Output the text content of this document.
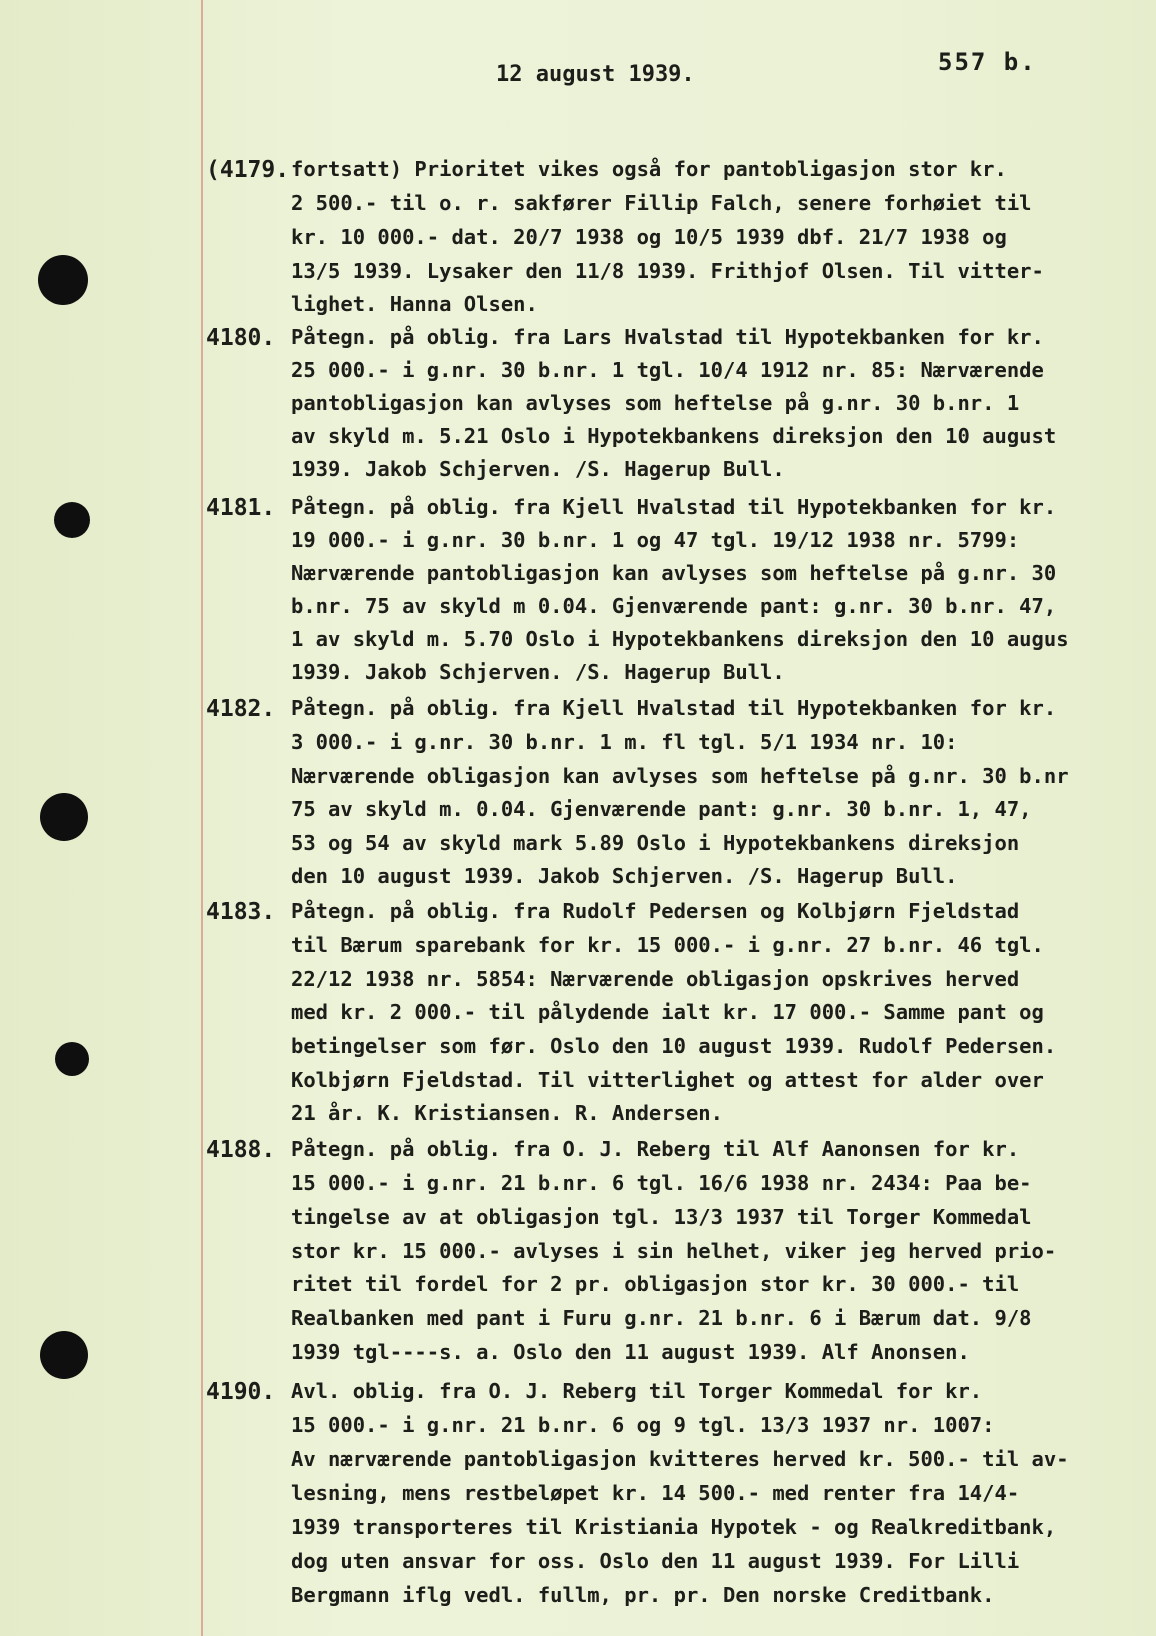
12 august 1939.	557 b.
(4179. fortsatt) Prioritet vikes også for pantobligasjon stor kr.
2 500.- til o. r. sakfører Fillip Falch, senere forhøiet til
kr. 10 000.- dat. 20/7 1938 og 10/5 1939 dbf. 21/7 1938 og
13/5 1939. Lysaker den 11/8 1939. Frithjof Olsen. Til vitter-
lighet. Hanna Olsen.
4180. Påtegn. på oblig. fra Lars Hvalstad til Hypotekbanken for kr.
25 000.- i g.nr. 30 b.nr. 1 tgl. 10/4 1912 nr. 85: Nærværende
pantobligasjon kan avlyses som heftelse på g.nr. 30 b.nr. 1
av skyld m. 5.21 Oslo i Hypotekbankens direksjon den 10 august
1939. Jakob Schjerven. /S. Hagerup Bull.
4181. Påtegn. på oblig. fra Kjell Hvalstad til Hypotekbanken for kr.
19 000.- i g.nr. 30 b.nr. 1 og 47 tgl. 19/12 1938 nr. 5799:
Nærværende pantobligasjon kan avlyses som heftelse på g.nr. 30
b.nr. 75 av skyld m 0.04. Gjenværende pant: g.nr. 30 b.nr. 47,
1 av skyld m. 5.70 Oslo i Hypotekbankens direksjon den 10 augus
1939. Jakob Schjerven. /S. Hagerup Bull.
4182. Påtegn. på oblig. fra Kjell Hvalstad til Hypotekbanken for kr.
3 000.- i g.nr. 30 b.nr. 1 m. fl tgl. 5/1 1934 nr. 10:
Nærværende obligasjon kan avlyses som heftelse på g.nr. 30 b.nr
75 av skyld m. 0.04. Gjenværende pant: g.nr. 30 b.nr. 1, 47,
53 og 54 av skyld mark 5.89 Oslo i Hypotekbankens direksjon
den 10 august 1939. Jakob Schjerven. /S. Hagerup Bull.
4183. Påtegn. på oblig. fra Rudolf Pedersen og Kolbjørn Fjeldstad
til Bærum sparebank for kr. 15 000.- i g.nr. 27 b.nr. 46 tgl.
22/12 1938 nr. 5854: Nærværende obligasjon opskrives herved
med kr. 2 000.- til pålydende ialt kr. 17 000.- Samme pant og
betingelser som før. Oslo den 10 august 1939. Rudolf Pedersen.
Kolbjørn Fjeldstad. Til vitterlighet og attest for alder over
21 år. K. Kristiansen. R. Andersen.
4188. Påtegn. på oblig. fra O. J. Reberg til Alf Aanonsen for kr.
15 000.- i g.nr. 21 b.nr. 6 tgl. 16/6 1938 nr. 2434: Paa be-
tingelse av at obligasjon tgl. 13/3 1937 til Torger Kommedal
stor kr. 15 000.- avlyses i sin helhet, viker jeg herved prio-
ritet til fordel for 2 pr. obligasjon stor kr. 30 000.- til
Realbanken med pant i Furu g.nr. 21 b.nr. 6 i Bærum dat. 9/8
1939 tgl----s. a. Oslo den 11 august 1939. Alf Anonsen.
4190. Avl. oblig. fra O. J. Reberg til Torger Kommedal for kr.
15 000.- i g.nr. 21 b.nr. 6 og 9 tgl. 13/3 1937 nr. 1007:
Av nærværende pantobligasjon kvitteres herved kr. 500.- til av-
lesning, mens restbeløpet kr. 14 500.- med renter fra 14/4-
1939 transporteres til Kristiania Hypotek - og Realkreditbank,
dog uten ansvar for oss. Oslo den 11 august 1939. For Lilli
Bergmann iflg vedl. fullm, pr. pr. Den norske Creditbank.
